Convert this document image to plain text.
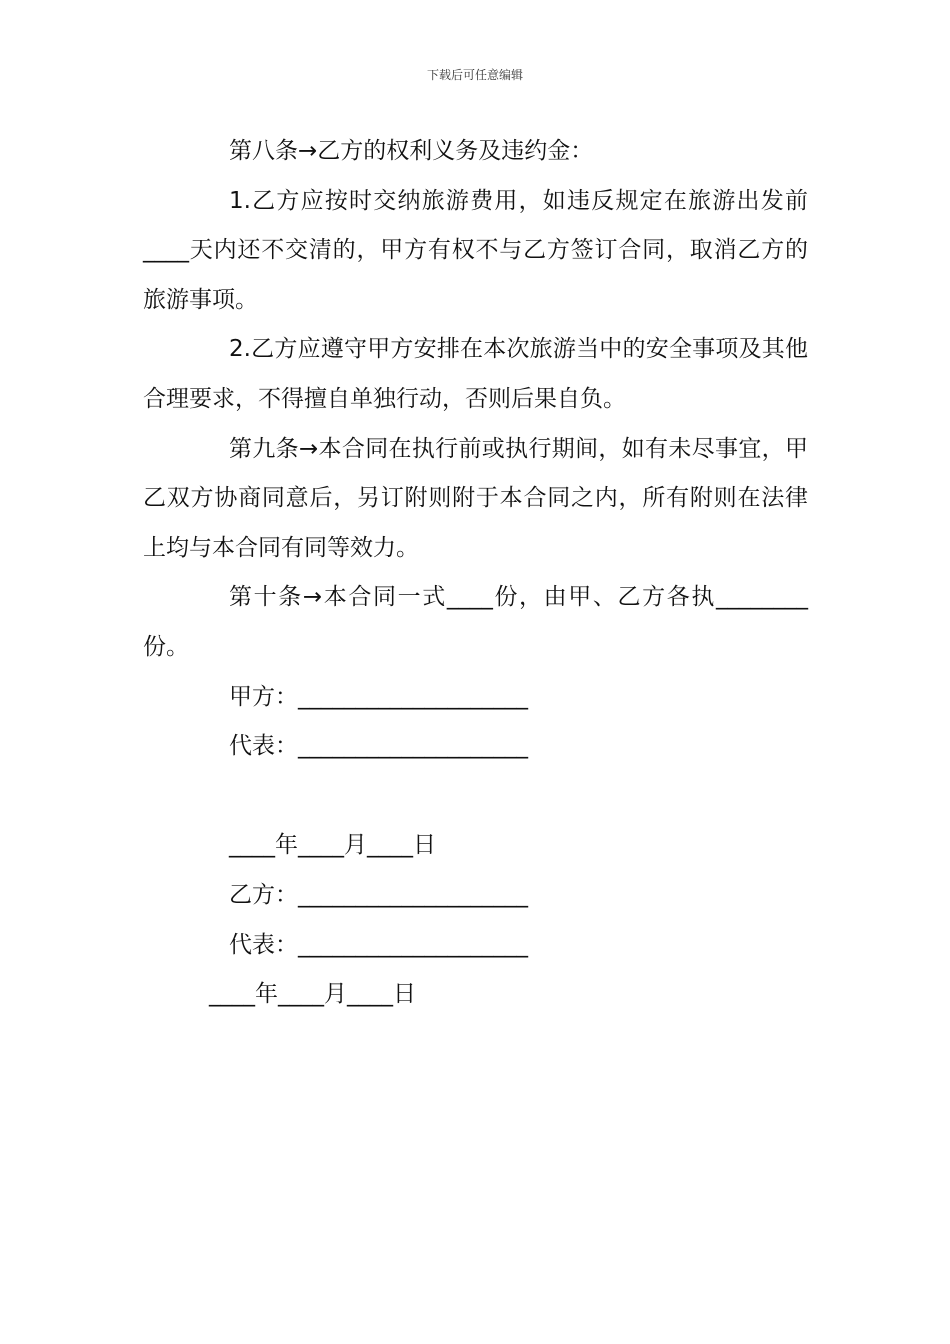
下载后可任意编辑

第八条→乙方的权利义务及违约金：

1.乙方应按时交纳旅游费用，如违反规定在旅游出发前____天内还不交清的，甲方有权不与乙方签订合同，取消乙方的旅游事项。

2.乙方应遵守甲方安排在本次旅游当中的安全事项及其他合理要求，不得擅自单独行动，否则后果自负。

第九条→本合同在执行前或执行期间，如有未尽事宜，甲乙双方协商同意后，另订附则附于本合同之内，所有附则在法律上均与本合同有同等效力。

第十条→本合同一式____份，由甲、乙方各执________份。

甲方：____________________

代表：____________________

____年____月____日

乙方：____________________

代表：____________________

____年____月____日
